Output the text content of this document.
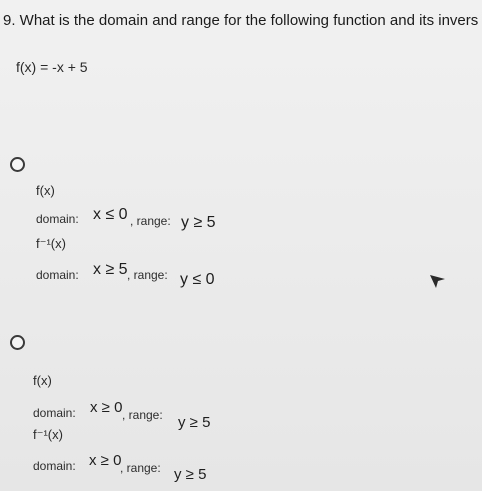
9. What is the domain and range for the following function and its invers
f(x) = -x + 5
f(x)
domain: x ≤ 0 , range: y ≥ 5
f⁻¹(x)
domain: x ≥ 5 , range: y ≤ 0
f(x)
domain: x ≥ 0 , range: y ≥ 5
f⁻¹(x)
domain: x ≥ 0
, range: y ≥ 5
